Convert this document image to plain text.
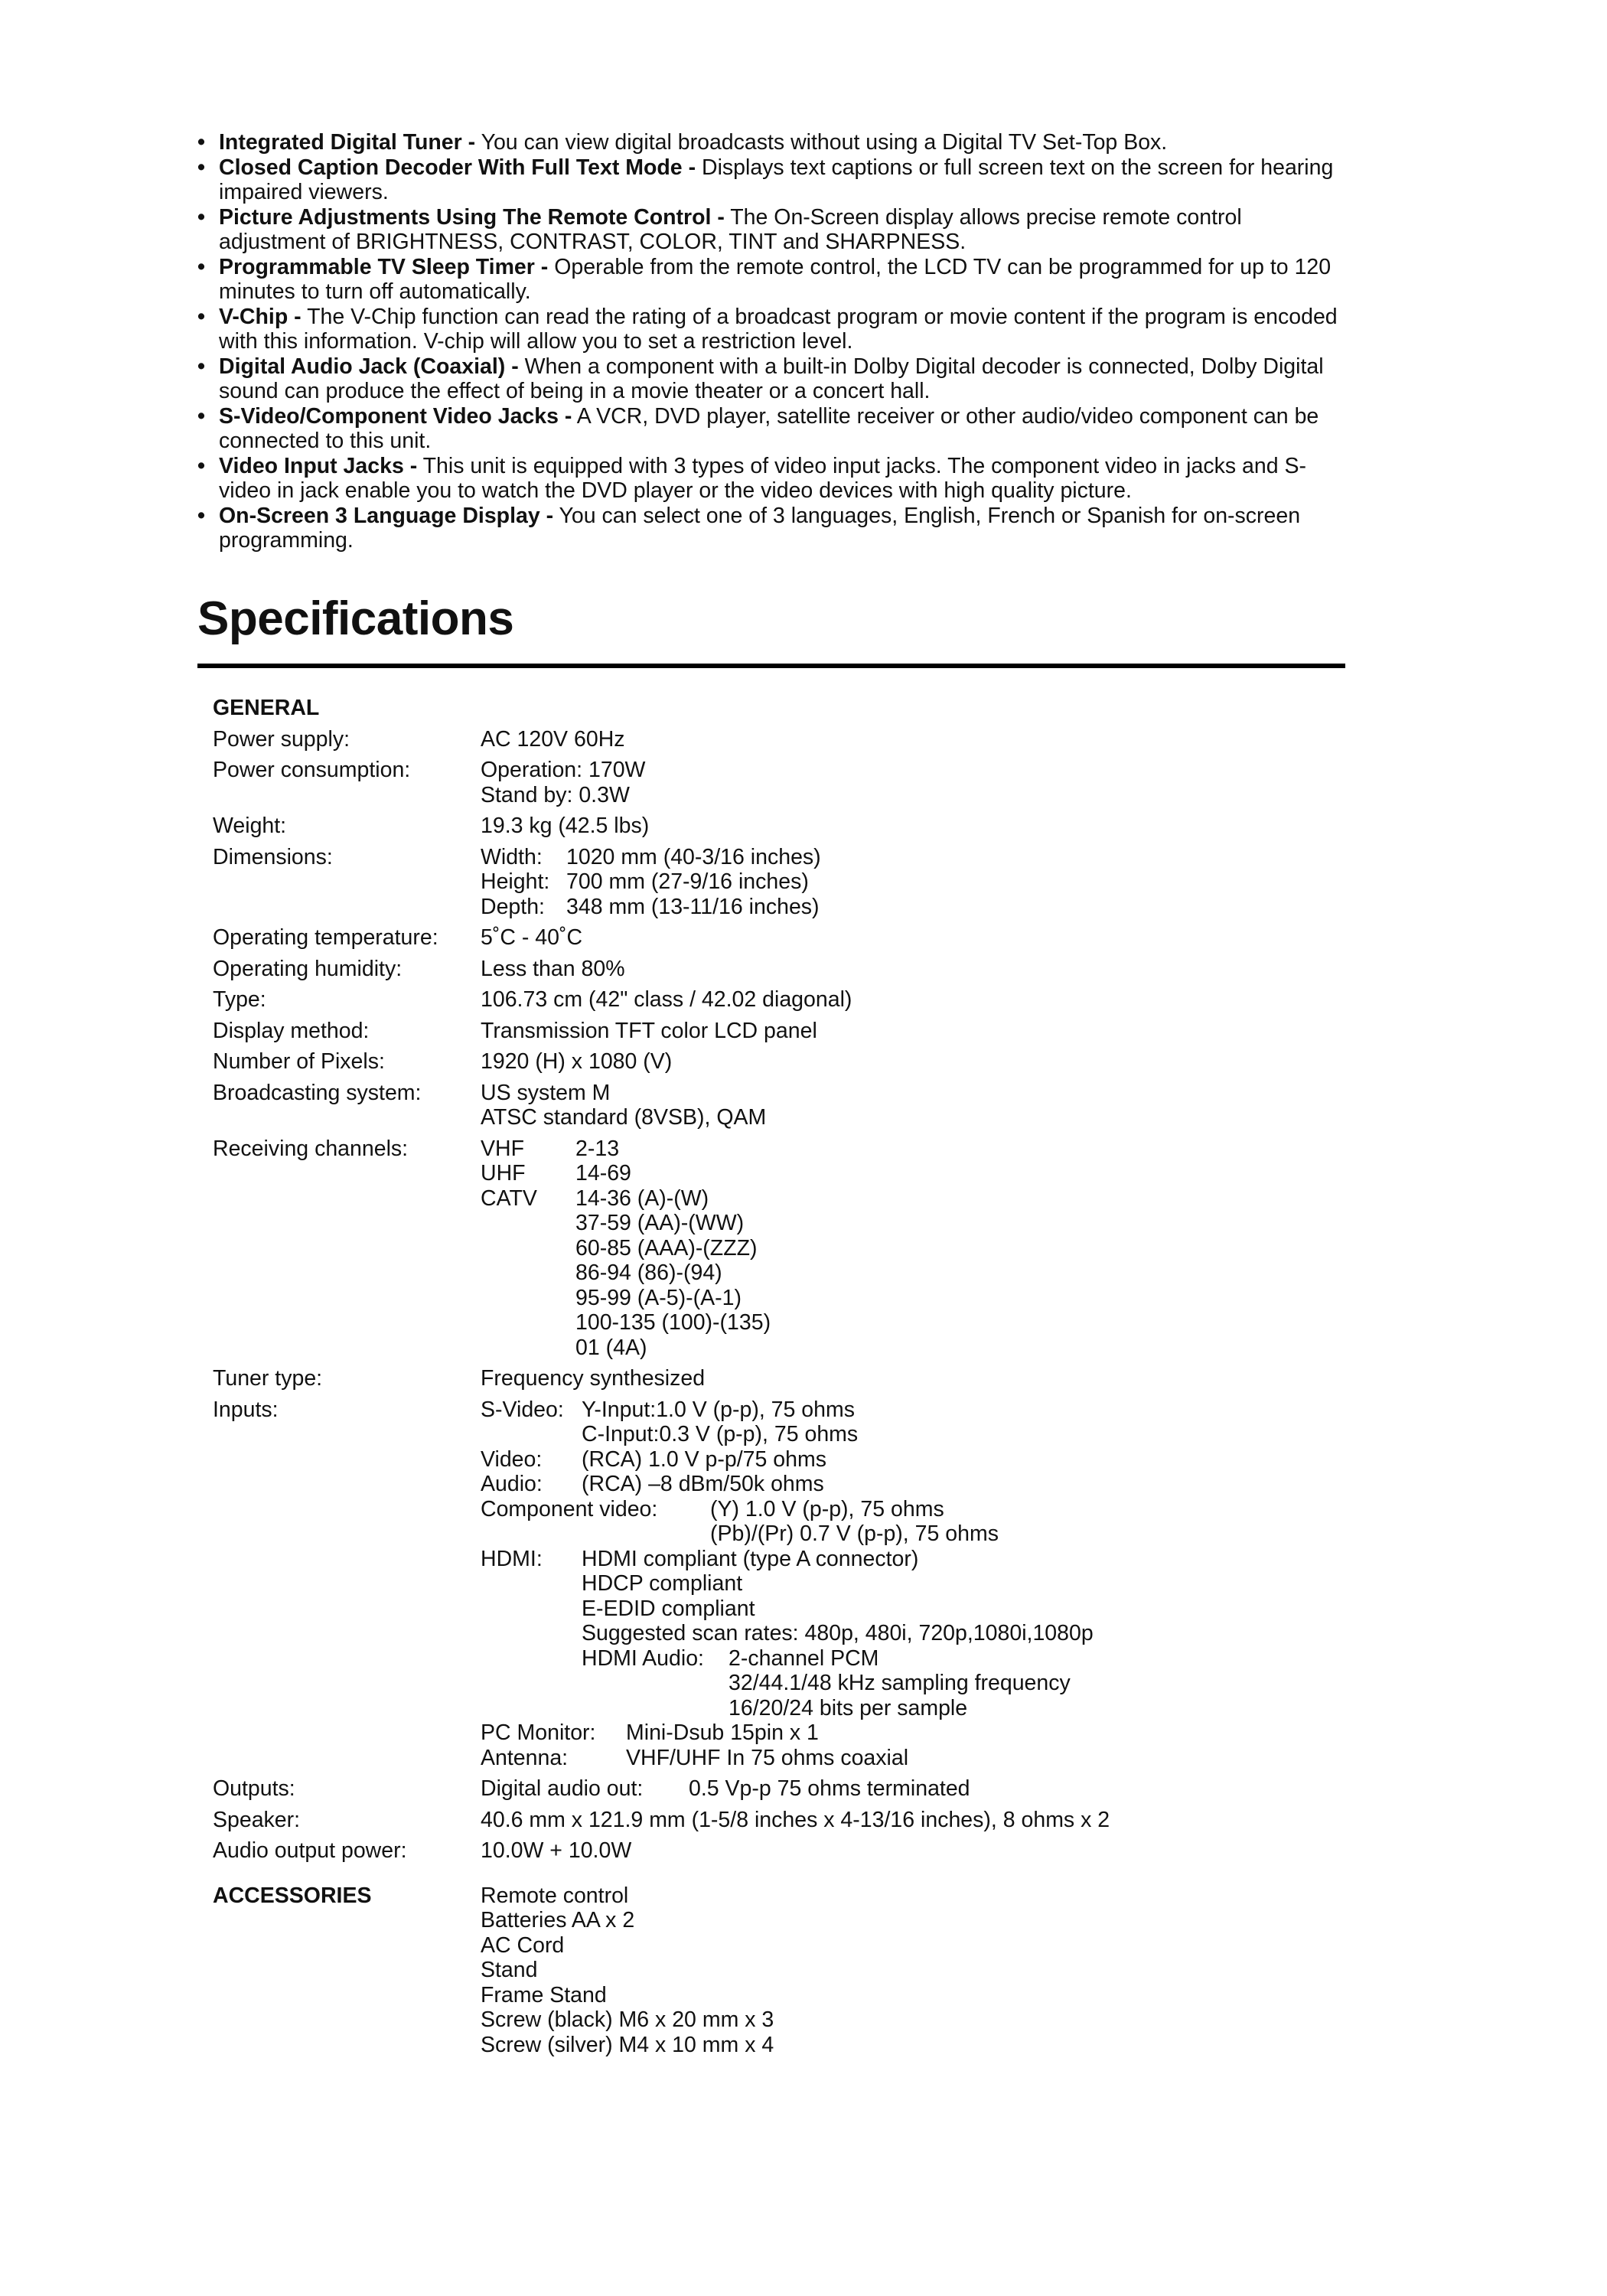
• Integrated Digital Tuner - You can view digital broadcasts without using a Digital TV Set-Top Box.
• Closed Caption Decoder With Full Text Mode - Displays text captions or full screen text on the screen for hearing impaired viewers.
• Picture Adjustments Using The Remote Control - The On-Screen display allows precise remote control adjustment of BRIGHTNESS, CONTRAST, COLOR, TINT and SHARPNESS.
• Programmable TV Sleep Timer - Operable from the remote control, the LCD TV can be programmed for up to 120 minutes to turn off automatically.
• V-Chip - The V-Chip function can read the rating of a broadcast program or movie content if the program is encoded with this information. V-chip will allow you to set a restriction level.
• Digital Audio Jack (Coaxial) - When a component with a built-in Dolby Digital decoder is connected, Dolby Digital sound can produce the effect of being in a movie theater or a concert hall.
• S-Video/Component Video Jacks - A VCR, DVD player, satellite receiver or other audio/video component can be connected to this unit.
• Video Input Jacks - This unit is equipped with 3 types of video input jacks. The component video in jacks and S-video in jack enable you to watch the DVD player or the video devices with high quality picture.
• On-Screen 3 Language Display - You can select one of 3 languages, English, French or Spanish for on-screen programming.
Specifications
GENERAL
Power supply:	AC 120V 60Hz
Power consumption:	Operation: 170W
Stand by: 0.3W
Weight:	19.3 kg (42.5 lbs)
Dimensions:	Width: 1020 mm (40-3/16 inches)
Height: 700 mm (27-9/16 inches)
Depth: 348 mm (13-11/16 inches)
Operating temperature:	5˚C - 40˚C
Operating humidity:	Less than 80%
Type:	106.73 cm (42" class / 42.02 diagonal)
Display method:	Transmission TFT color LCD panel
Number of Pixels:	1920 (H) x 1080 (V)
Broadcasting system:	US system M
ATSC standard (8VSB), QAM
Receiving channels:	VHF 2-13
UHF 14-69
CATV 14-36 (A)-(W)
37-59 (AA)-(WW)
60-85 (AAA)-(ZZZ)
86-94 (86)-(94)
95-99 (A-5)-(A-1)
100-135 (100)-(135)
01 (4A)
Tuner type:	Frequency synthesized
Inputs:	S-Video: Y-Input:1.0 V (p-p), 75 ohms
C-Input:0.3 V (p-p), 75 ohms
Video: (RCA) 1.0 V p-p/75 ohms
Audio: (RCA) –8 dBm/50k ohms
Component video: (Y) 1.0 V (p-p), 75 ohms
(Pb)/(Pr) 0.7 V (p-p), 75 ohms
HDMI: HDMI compliant (type A connector)
HDCP compliant
E-EDID compliant
Suggested scan rates: 480p, 480i, 720p,1080i,1080p
HDMI Audio: 2-channel PCM
32/44.1/48 kHz sampling frequency
16/20/24 bits per sample
PC Monitor: Mini-Dsub 15pin x 1
Antenna:	VHF/UHF In 75 ohms coaxial
Outputs:	Digital audio out: 0.5 Vp-p 75 ohms terminated
Speaker:	40.6 mm x 121.9 mm (1-5/8 inches x 4-13/16 inches), 8 ohms x 2
Audio output power:	10.0W + 10.0W
ACCESSORIES	Remote control
Batteries AA x 2
AC Cord
Stand
Frame Stand
Screw (black) M6 x 20 mm x 3
Screw (silver) M4 x 10 mm x 4
